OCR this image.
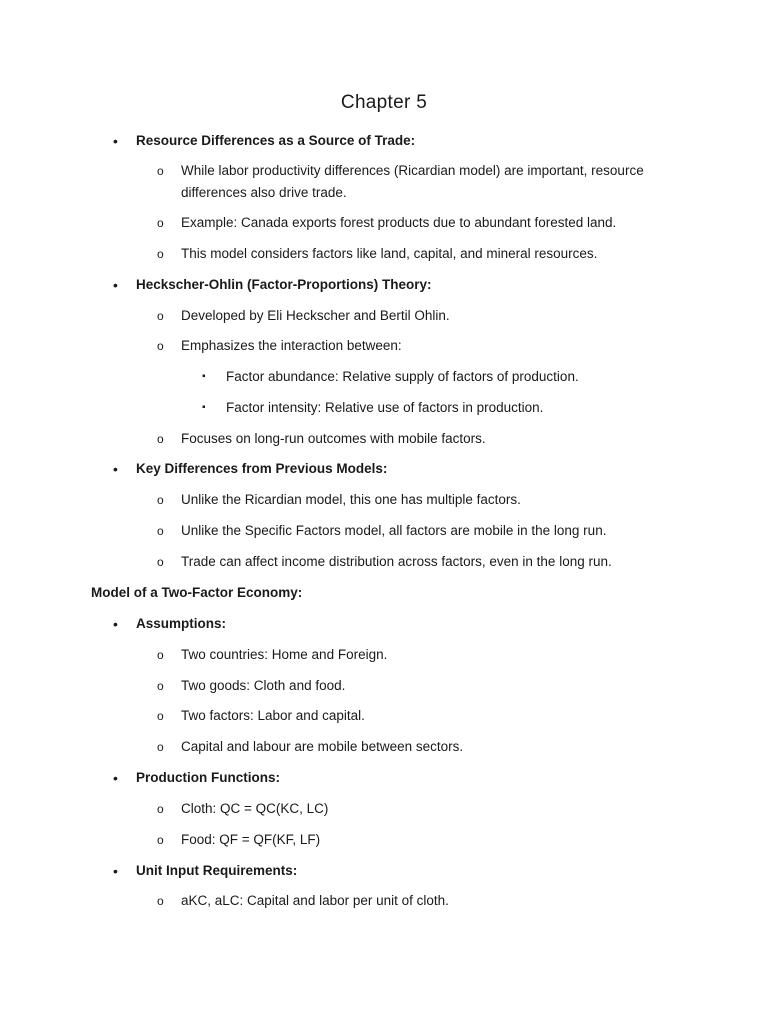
Chapter 5
• Resource Differences as a Source of Trade:
o While labor productivity differences (Ricardian model) are important, resource
differences also drive trade.
o Example: Canada exports forest products due to abundant forested land.
o This model considers factors like land, capital, and mineral resources.
• Heckscher-Ohlin (Factor-Proportions) Theory:
o Developed by Eli Heckscher and Bertil Ohlin.
o Emphasizes the interaction between:
▪ Factor abundance: Relative supply of factors of production.
▪ Factor intensity: Relative use of factors in production.
o Focuses on long-run outcomes with mobile factors.
• Key Differences from Previous Models:
o Unlike the Ricardian model, this one has multiple factors.
o Unlike the Specific Factors model, all factors are mobile in the long run.
o Trade can affect income distribution across factors, even in the long run.
Model of a Two-Factor Economy:
• Assumptions:
o Two countries: Home and Foreign.
o Two goods: Cloth and food.
o Two factors: Labor and capital.
o Capital and labour are mobile between sectors.
• Production Functions:
o Cloth: QC = QC(KC, LC)
o Food: QF = QF(KF, LF)
• Unit Input Requirements:
o aKC, aLC: Capital and labor per unit of cloth.
